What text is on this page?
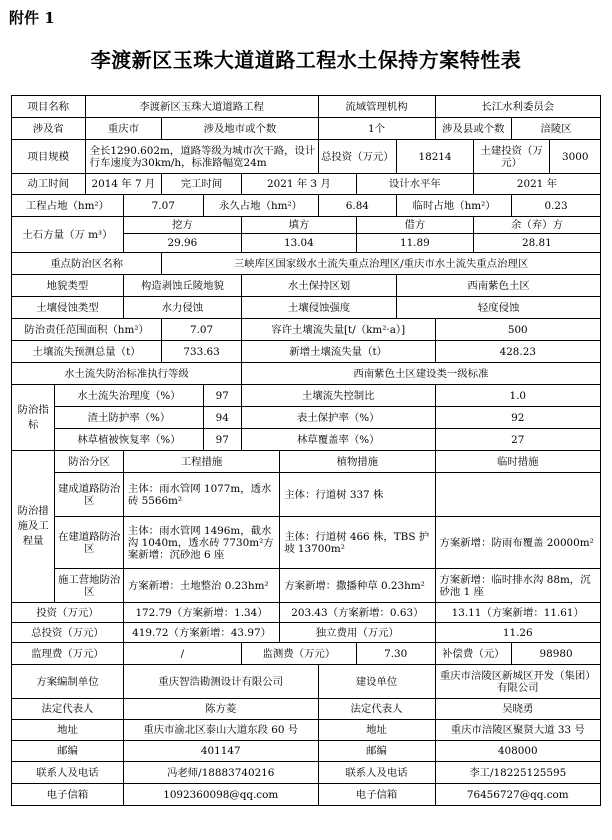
附件 1
李渡新区玉珠大道道路工程水土保持方案特性表
项目名称		李渡新区玉珠大道道路工程						流域管理机构			长江水利委员会			
涉及省		重庆市		涉及地市或个数				1个			涉及县或个数		涪陵区	
项目规模		全长1290.602m，道路等级为城市次干路，设计行车速度为30km/h，标准路幅宽24m						总投资（万元）		18214		土建投资（万元）		3000
动工时间		2014 年 7 月		完工时间		2021 年 3 月			设计水平年			2021 年		
工程占地（hm²）			7.07		永久占地（hm²）			6.84		临时占地（hm²）			0.23	
土石方量（万 m³）			挖方			填方			借方			余（弃）方		
			29.96			13.04			11.89			28.81		
重点防治区名称				三峡库区国家级水土流失重点治理区/重庆市水土流失重点治理区										
地貌类型			构造剥蚀丘陵地貌			水土保持区划				西南紫色土区				
土壤侵蚀类型			水力侵蚀			土壤侵蚀强度				轻度侵蚀				
防治责任范围面积（hm²）				7.07		容许土壤流失量[t/（km²·a）]					500			
土壤流失预测总量（t）				733.63		新增土壤流失量（t）					428.23			
水土流失防治标准执行等级						西南紫色土区建设类一级标准								
防治指标	水土流失治理度（%）				97	土壤流失控制比					1.0			
	渣土防护率（%）				94	表土保护率（%）					92			
	林草植被恢复率（%）				97	林草覆盖率（%）					27			
防治措施及工程量	防治分区		工程措施				植物措施				临时措施			
	建成道路防治区		主体：雨水管网 1077m，透水砖 5566m²				主体：行道树 337 株							
	在建道路防治区		主体：雨水管网 1496m，截水沟 1040m，透水砖 7730m²方案新增：沉砂池 6 座				主体：行道树 466 株，TBS 护坡 13700m²				方案新增：防雨布覆盖 20000m²			
	施工营地防治区		方案新增：土地整治 0.23hm²				方案新增：撒播种草 0.23hm²				方案新增：临时排水沟 88m，沉砂池 1 座			
投资（万元）			172.79（方案新增：1.34）				203.43（方案新增：0.63）				13.11（方案新增：11.61）			
总投资（万元）			419.72（方案新增：43.97）				独立费用（万元）				11.26			
监理费（万元）			/			监测费（万元）			7.30		补偿费（元）		98980	
方案编制单位			重庆智浩勘测设计有限公司					建设单位			重庆市涪陵区新城区开发（集团）有限公司			
法定代表人			陈方菱					法定代表人			吴晓勇			
地址			重庆市渝北区泰山大道东段 60 号					地址			重庆市涪陵区聚贤大道 33 号			
邮编			401147					邮编			408000			
联系人及电话			冯老师/18883740216					联系人及电话			李工/18225125595			
电子信箱			1092360098@qq.com					电子信箱			76456727@qq.com			
